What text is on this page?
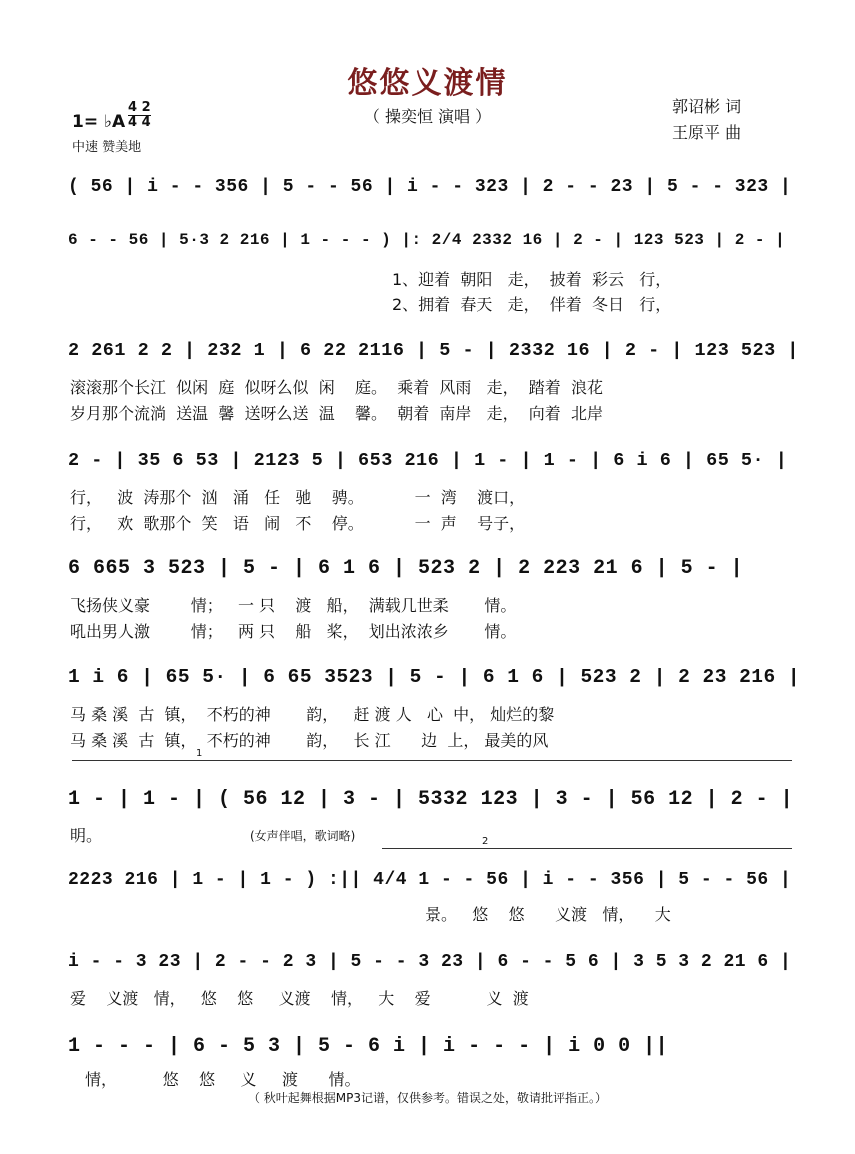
悠悠义渡情
（ 操奕恒 演唱 ）
郭诏彬 词
王原平 曲
1= ♭A
4 2
4 4
中速 赞美地
( 56 | i - - 356 | 5 - - 56 | i - - 323 | 2 - - 23 | 5 - - 323 |
6 - - 56 | 5·3 2 216 | 1 - - - ) |: 2/4 2332 16 | 2 - | 123 523 | 2 - |
1、迎着  朝阳   走，  披着  彩云   行，
2、拥着  春天   走，  伴着  冬日   行，
2 261 2 2 | 232 1 | 6 22 2116 | 5 - | 2332 16 | 2 - | 123 523 |
滚滚那个长江  似闲  庭  似呀么似  闲    庭。  乘着  风雨   走，  踏着  浪花
岁月那个流淌  送温  馨  送呀么送  温    馨。  朝着  南岸   走，  向着  北岸
2 - | 35 6 53 | 2123 5 | 653 216 | 1 - | 1 - | 6 i 6 | 65 5· |
行，   波  涛那个  汹   涌   任   驰    骋。          一  湾    渡口，
行，   欢  歌那个  笑   语   闹   不    停。          一  声    号子，
6 665 3 523 | 5 - | 6 1 6 | 523 2 | 2 223 21 6 | 5 - |
飞扬侠义豪        情；   一 只    渡   船，  满载几世柔       情。
吼出男人激        情；   两 只    船   桨，  划出浓浓乡       情。
1 i 6 | 65 5· | 6 65 3523 | 5 - | 6 1 6 | 523 2 | 2 23 216 |
马 桑 溪  古  镇，  不朽的神       韵，   赶 渡 人   心  中， 灿烂的黎
马 桑 溪  古  镇，  不朽的神       韵，   长 江      边  上， 最美的风
1
1 - | 1 - | ( 56 12 | 3 - | 5332 123 | 3 - | 56 12 | 2 - |
明。	(女声伴唱，歌词略)	2
2223 216 | 1 - | 1 - ) :|| 4/4 1 - - 56 | i - - 356 | 5 - - 56 |
景。   悠    悠      义渡   情，    大
i - - 3 23 | 2 - - 2 3 | 5 - - 3 23 | 6 - - 5 6 | 3 5 3 2 21 6 |
爱    义渡   情，   悠    悠     义渡    情，   大    爱           义  渡
1 - - - | 6 - 5 3 | 5 - 6 i | i - - - | i 0 0 ||
情，         悠    悠     义     渡      情。
（ 秋叶起舞根据MP3记谱，仅供参考。错误之处，敬请批评指正。）
